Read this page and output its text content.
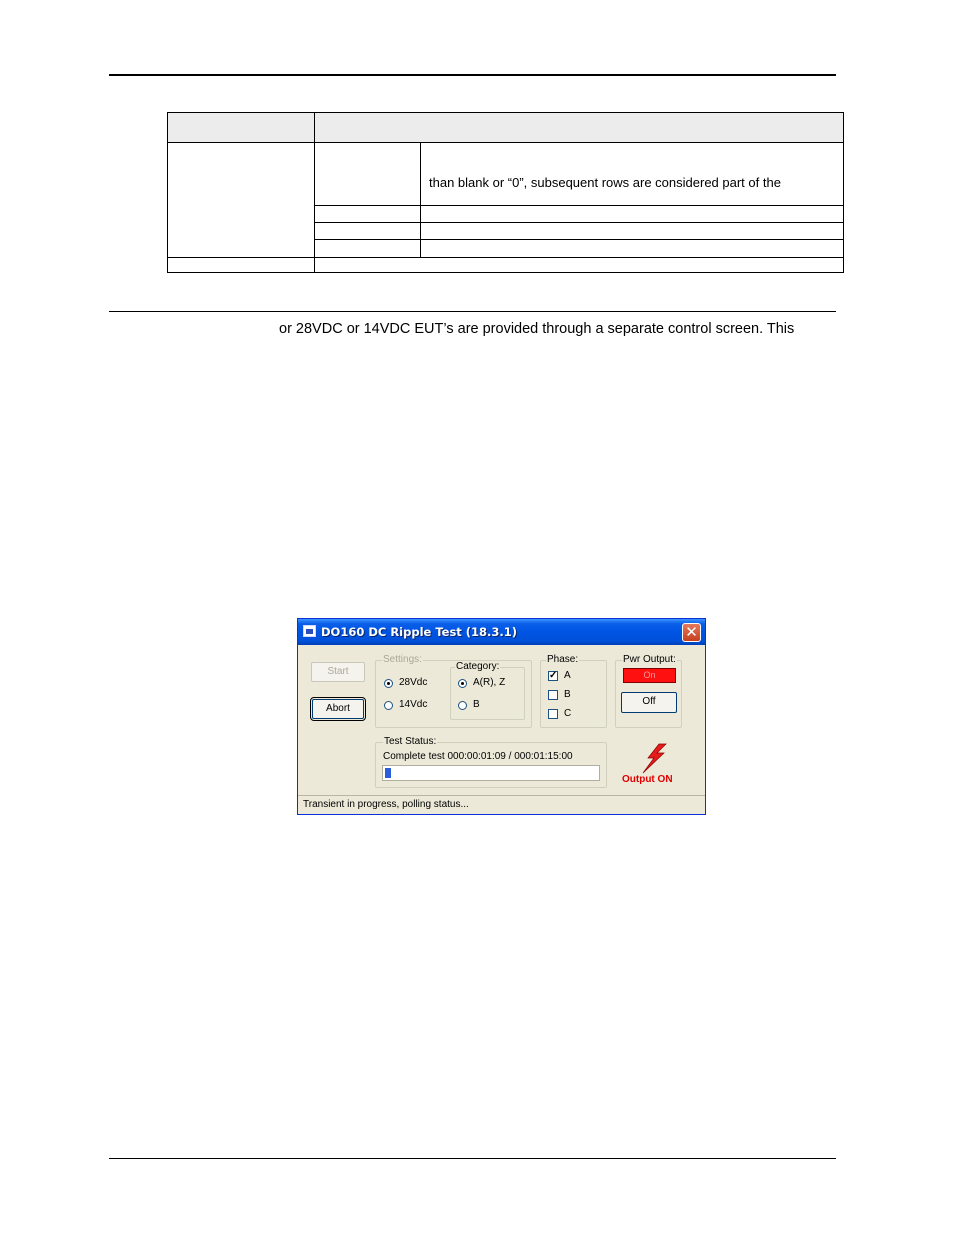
than blank or “0”, subsequent rows are considered part of the
or 28VDC or 14VDC EUT’s are provided through a separate control screen. This
DO160 DC Ripple Test (18.3.1)	✕
Start
Abort
Settings:
28Vdc
14Vdc
Category:
A(R), Z
B
Phase:
✓ A
B
C
Pwr Output:
On
Off
Test Status:
Complete test 000:00:01:09 / 000:01:15:00
Output ON
Transient in progress, polling status...
